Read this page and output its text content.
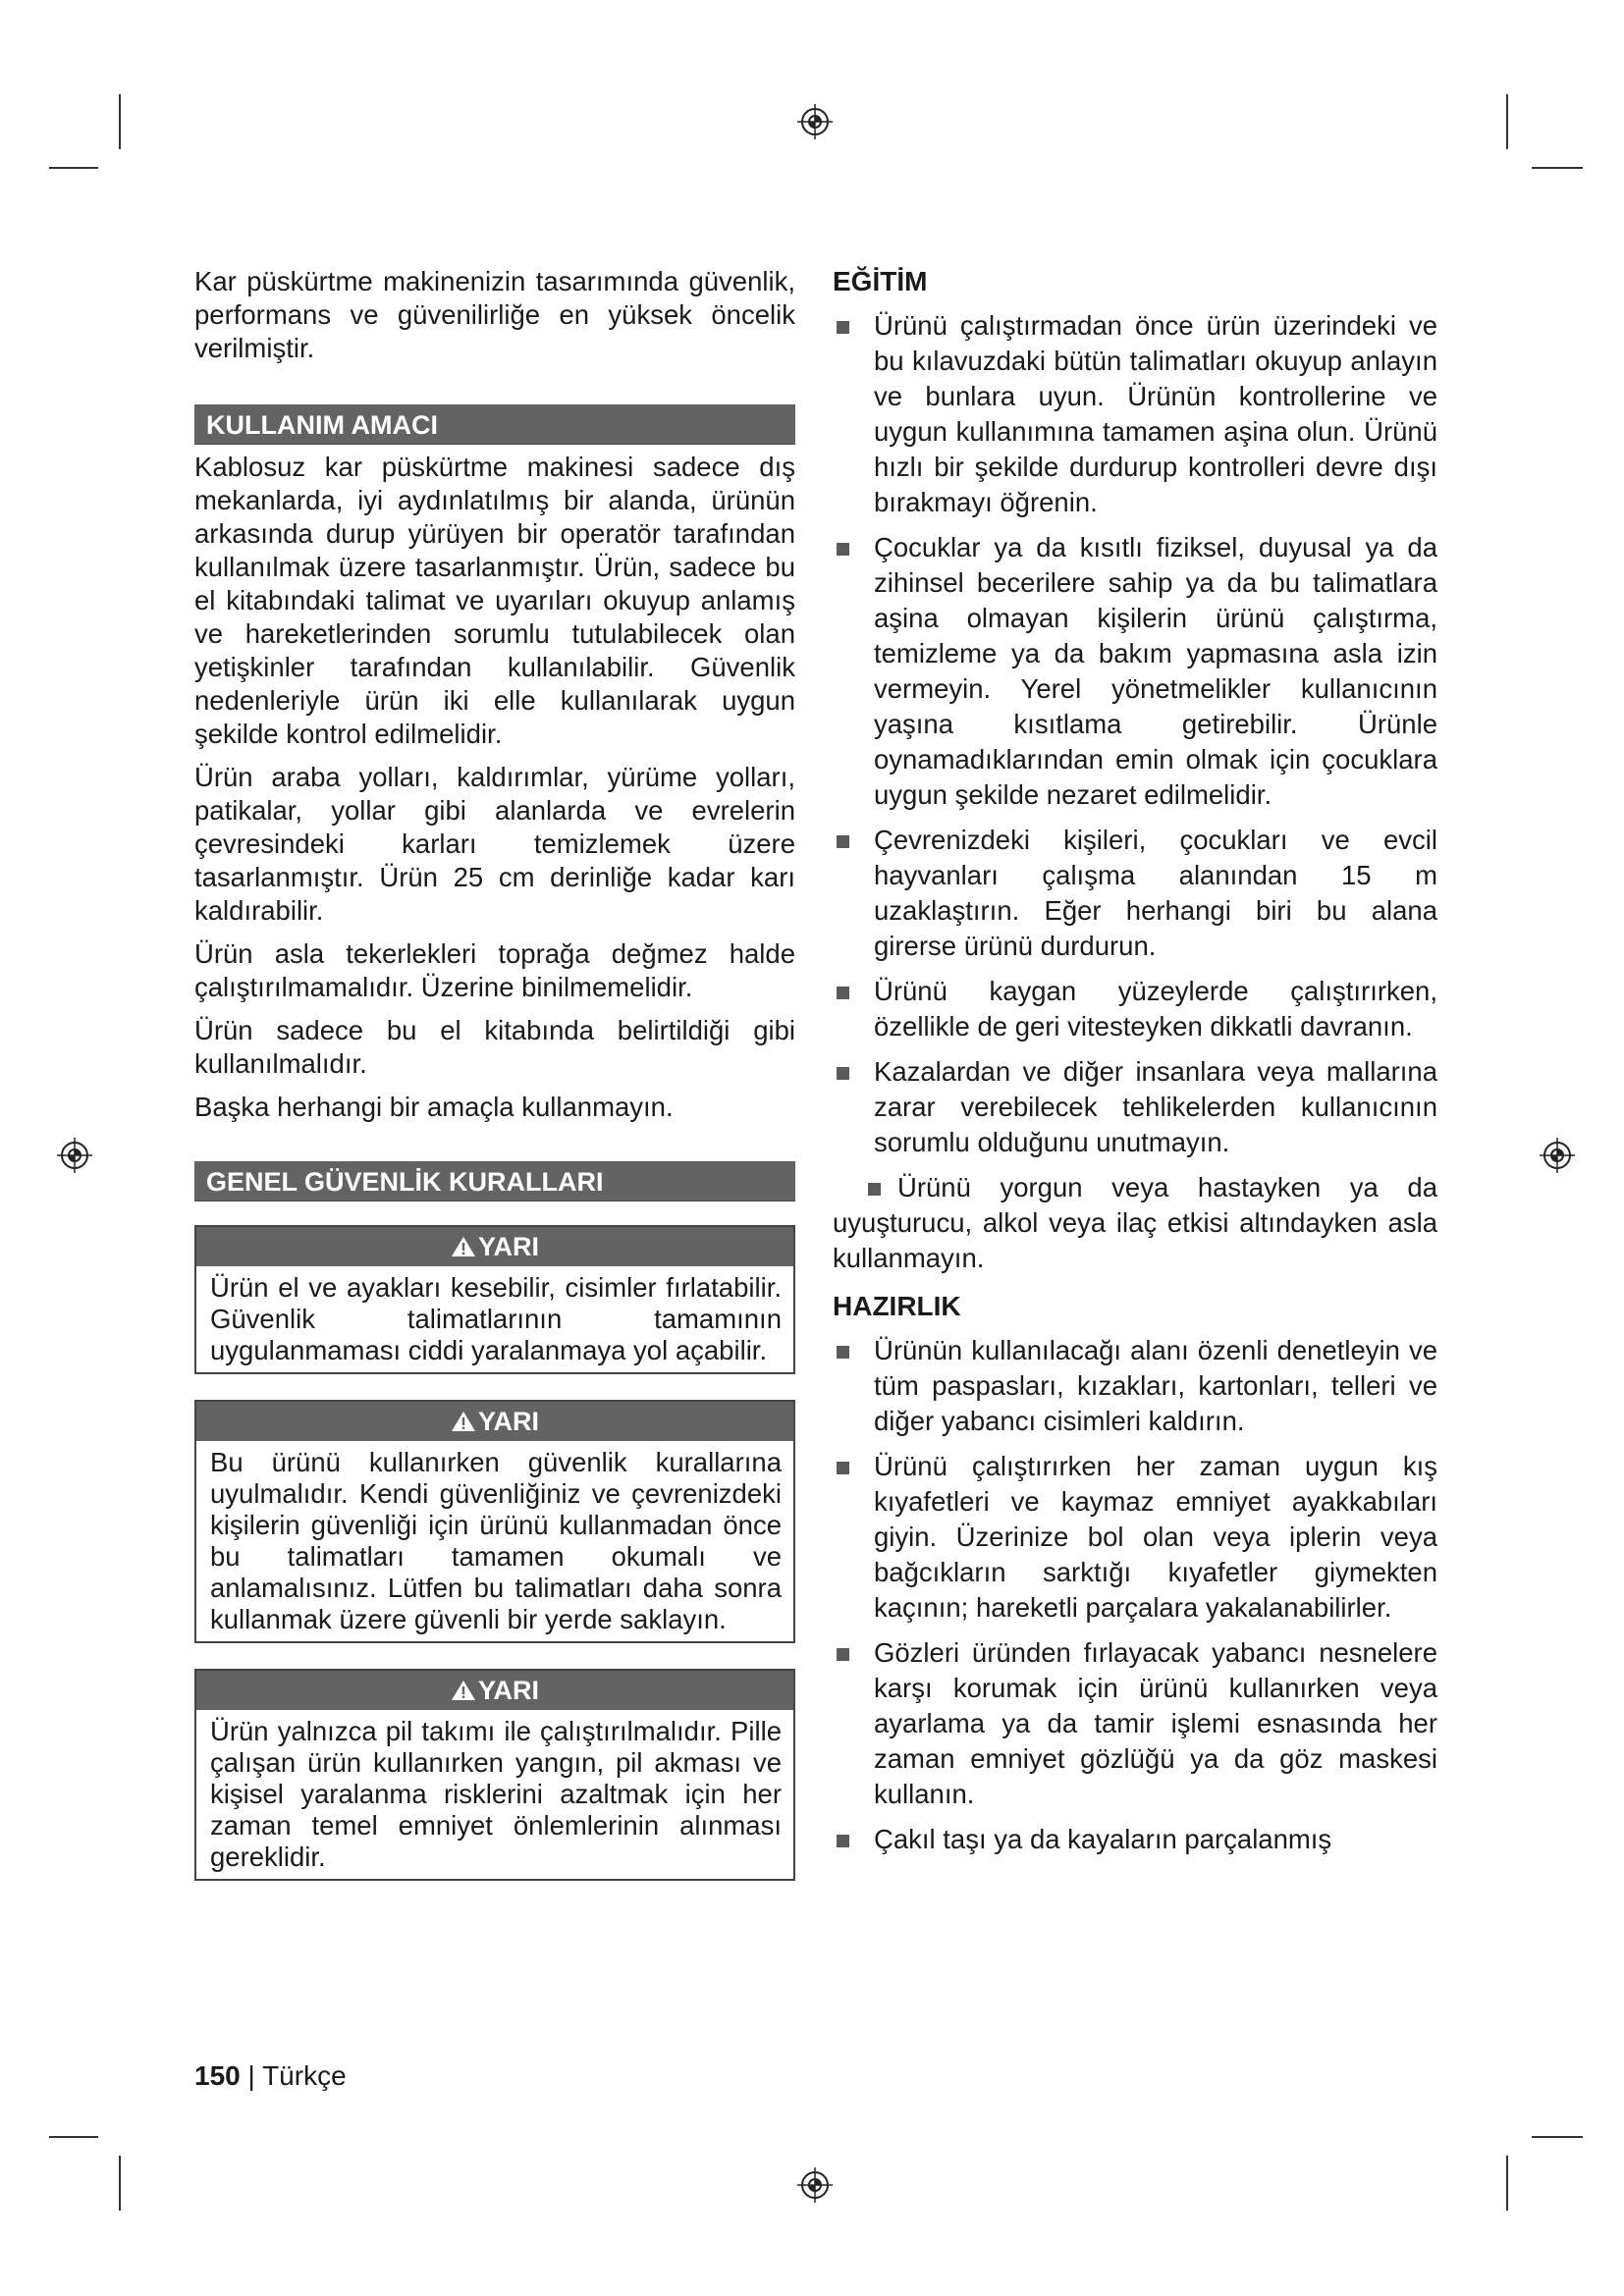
Kar püskürtme makinenizin tasarımında güvenlik, performans ve güvenilirliğe en yüksek öncelik verilmiştir.

KULLANIM AMACI

Kablosuz kar püskürtme makinesi sadece dış mekanlarda, iyi aydınlatılmış bir alanda, ürünün arkasında durup yürüyen bir operatör tarafından kullanılmak üzere tasarlanmıştır. Ürün, sadece bu el kitabındaki talimat ve uyarıları okuyup anlamış ve hareketlerinden sorumlu tutulabilecek olan yetişkinler tarafından kullanılabilir. Güvenlik nedenleriyle ürün iki elle kullanılarak uygun şekilde kontrol edilmelidir.

Ürün araba yolları, kaldırımlar, yürüme yolları, patikalar, yollar gibi alanlarda ve evrelerin çevresindeki karları temizlemek üzere tasarlanmıştır. Ürün 25 cm derinliğe kadar karı kaldırabilir.

Ürün asla tekerlekleri toprağa değmez halde çalıştırılmamalıdır. Üzerine binilmemelidir.

Ürün sadece bu el kitabında belirtildiği gibi kullanılmalıdır.

Başka herhangi bir amaçla kullanmayın.

GENEL GÜVENLİK KURALLARI
YARI
Ürün el ve ayakları kesebilir, cisimler fırlatabilir. Güvenlik talimatlarının tamamının uygulanmaması ciddi yaralanmaya yol açabilir.
YARI
Bu ürünü kullanırken güvenlik kurallarına uyulmalıdır. Kendi güvenliğiniz ve çevrenizdeki kişilerin güvenliği için ürünü kullanmadan önce bu talimatları tamamen okumalı ve anlamalısınız. Lütfen bu talimatları daha sonra kullanmak üzere güvenli bir yerde saklayın.
YARI
Ürün yalnızca pil takımı ile çalıştırılmalıdır. Pille çalışan ürün kullanırken yangın, pil akması ve kişisel yaralanma risklerini azaltmak için her zaman temel emniyet önlemlerinin alınması gereklidir.
EĞİTİM
Ürünü çalıştırmadan önce ürün üzerindeki ve bu kılavuzdaki bütün talimatları okuyup anlayın ve bunlara uyun. Ürünün kontrollerine ve uygun kullanımına tamamen aşina olun. Ürünü hızlı bir şekilde durdurup kontrolleri devre dışı bırakmayı öğrenin.
Çocuklar ya da kısıtlı fiziksel, duyusal ya da zihinsel becerilere sahip ya da bu talimatlara aşina olmayan kişilerin ürünü çalıştırma, temizleme ya da bakım yapmasına asla izin vermeyin. Yerel yönetmelikler kullanıcının yaşına kısıtlama getirebilir. Ürünle oynamadıklarından emin olmak için çocuklara uygun şekilde nezaret edilmelidir.
Çevrenizdeki kişileri, çocukları ve evcil hayvanları çalışma alanından 15 m uzaklaştırın. Eğer herhangi biri bu alana girerse ürünü durdurun.
Ürünü kaygan yüzeylerde çalıştırırken, özellikle de geri vitesteyken dikkatli davranın.
Kazalardan ve diğer insanlara veya mallarına zarar verebilecek tehlikelerden kullanıcının sorumlu olduğunu unutmayın.
Ürünü yorgun veya hastayken ya da uyuşturucu, alkol veya ilaç etkisi altındayken asla kullanmayın.
HAZIRLIK
Ürünün kullanılacağı alanı özenli denetleyin ve tüm paspasları, kızakları, kartonları, telleri ve diğer yabancı cisimleri kaldırın.
Ürünü çalıştırırken her zaman uygun kış kıyafetleri ve kaymaz emniyet ayakkabıları giyin. Üzerinize bol olan veya iplerin veya bağcıkların sarktığı kıyafetler giymekten kaçının; hareketli parçalara yakalanabilirler.
Gözleri üründen fırlayacak yabancı nesnelere karşı korumak için ürünü kullanırken veya ayarlama ya da tamir işlemi esnasında her zaman emniyet gözlüğü ya da göz maskesi kullanın.
Çakıl taşı ya da kayaların parçalanmış
150 | Türkçe
